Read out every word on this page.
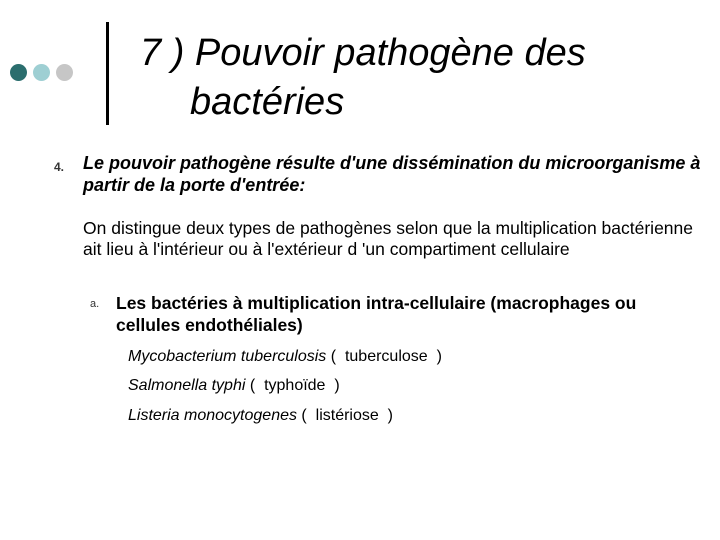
7 ) Pouvoir pathogène des
bactéries
4. Le pouvoir pathogène résulte d'une dissémination du microorganisme à partir de la porte d'entrée:
On distingue deux types de pathogènes selon que la multiplication bactérienne ait lieu à l'intérieur ou à l'extérieur d 'un compartiment cellulaire
a. Les bactéries à multiplication intra-cellulaire (macrophages ou cellules endothéliales)
Mycobacterium tuberculosis (  tuberculose  )
Salmonella typhi (  typhoïde  )
Listeria monocytogenes (  listériose  )
